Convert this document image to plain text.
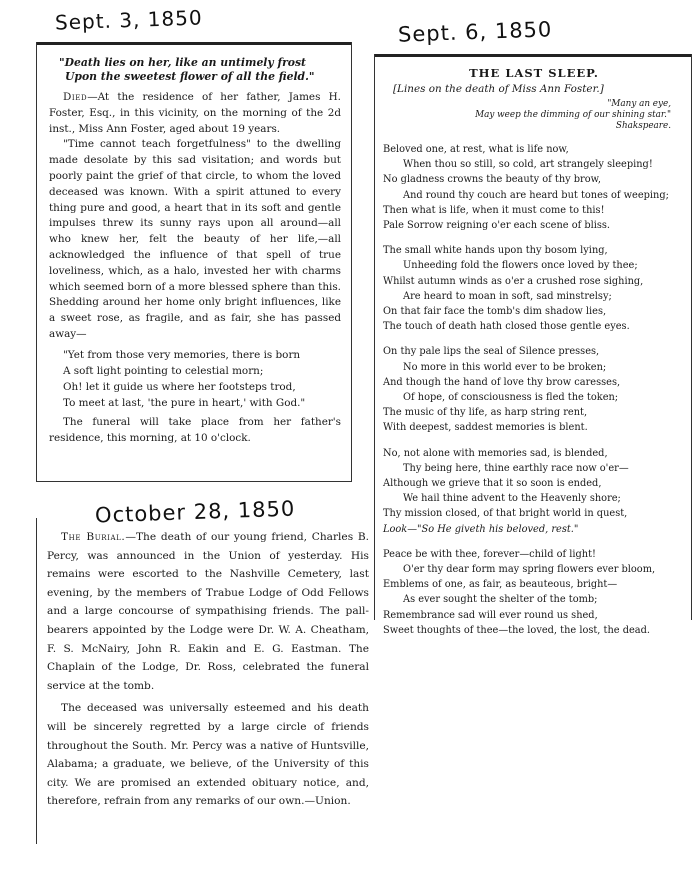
Sept. 3, 1850
"Death lies on her, like an untimely frost
Upon the sweetest flower of all the field."

Died—At the residence of her father, James H. Foster, Esq., in this vicinity, on the morning of the 2d inst., Miss Ann Foster, aged about 19 years.

"Time cannot teach forgetfulness" to the dwelling made desolate by this sad visitation; and words but poorly paint the grief of that circle, to whom the loved deceased was known. With a spirit attuned to every thing pure and good, a heart that in its soft and gentle impulses threw its sunny rays upon all around—all who knew her, felt the beauty of her life,—all acknowledged the influence of that spell of true loveliness, which, as a halo, invested her with charms which seemed born of a more blessed sphere than this. Shedding around her home only bright influences, like a sweet rose, as fragile, and as fair, she has passed away—

"Yet from those very memories, there is born
A soft light pointing to celestial morn;
Oh! let it guide us where her footsteps trod,
To meet at last, 'the pure in heart,' with God."

The funeral will take place from her father's residence, this morning, at 10 o'clock.

October 28, 1850

The Burial.—The death of our young friend, Charles B. Percy, was announced in the Union of yesterday. His remains were escorted to the Nashville Cemetery, last evening, by the members of Trabue Lodge of Odd Fellows and a large concourse of sympathising friends. The pall-bearers appointed by the Lodge were Dr. W. A. Cheatham, F. S. McNairy, John R. Eakin and E. G. Eastman. The Chaplain of the Lodge, Dr. Ross, celebrated the funeral service at the tomb.

The deceased was universally esteemed and his death will be sincerely regretted by a large circle of friends throughout the South. Mr. Percy was a native of Huntsville, Alabama; a graduate, we believe, of the University of this city. We are promised an extended obituary notice, and, therefore, refrain from any remarks of our own.—Union.

Sept. 6, 1850
THE LAST SLEEP.
[Lines on the death of Miss Ann Foster.]
"Many an eye,
May weep the dimming of our shining star."
Shakspeare.
Beloved one, at rest, what is life now,
When thou so still, so cold, art strangely sleeping!
No gladness crowns the beauty of thy brow,
And round thy couch are heard but tones of weeping;
Then what is life, when it must come to this!
Pale Sorrow reigning o'er each scene of bliss.
The small white hands upon thy bosom lying,
Unheeding fold the flowers once loved by thee;
Whilst autumn winds as o'er a crushed rose sighing,
Are heard to moan in soft, sad minstrelsy;
On that fair face the tomb's dim shadow lies,
The touch of death hath closed those gentle eyes.
On thy pale lips the seal of Silence presses,
No more in this world ever to be broken;
And though the hand of love thy brow caresses,
Of hope, of consciousness is fled the token;
The music of thy life, as harp string rent,
With deepest, saddest memories is blent.
No, not alone with memories sad, is blended,
Thy being here, thine earthly race now o'er—
Although we grieve that it so soon is ended,
We hail thine advent to the Heavenly shore;
Thy mission closed, of that bright world in quest,
Look—"So He giveth his beloved, rest."
Peace be with thee, forever—child of light!
O'er thy dear form may spring flowers ever bloom,
Emblems of one, as fair, as beauteous, bright—
As ever sought the shelter of the tomb;
Remembrance sad will ever round us shed,
Sweet thoughts of thee—the loved, the lost, the dead.
